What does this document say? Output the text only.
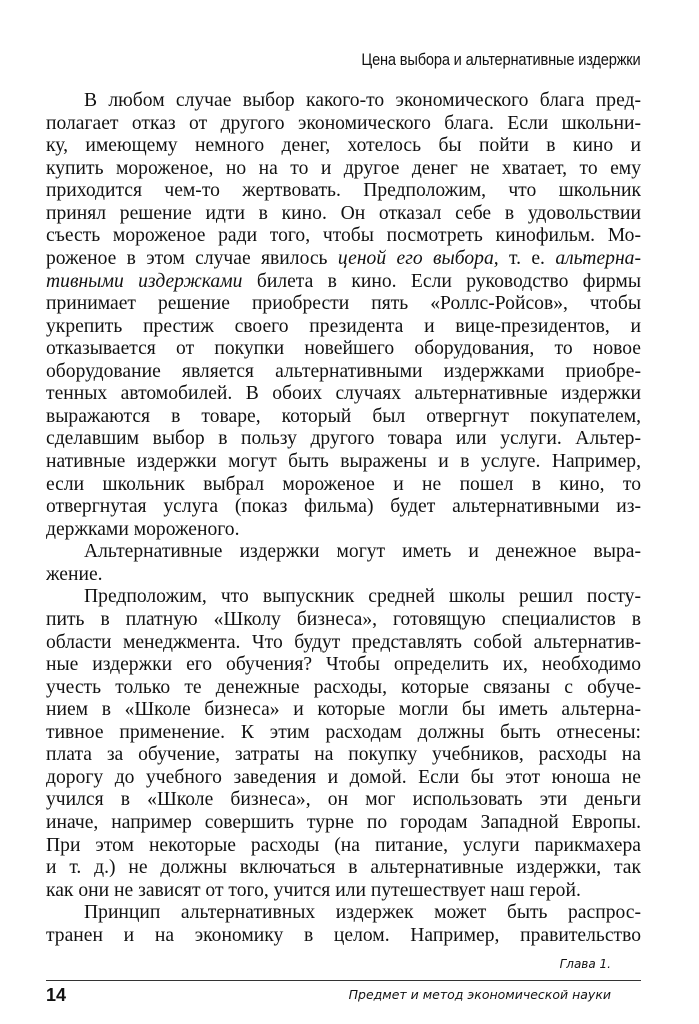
Цена выбора и альтернативные издержки
В любом случае выбор какого-то экономического блага пред-
полагает отказ от другого экономического блага. Если школьни-
ку, имеющему немного денег, хотелось бы пойти в кино и
купить мороженое, но на то и другое денег не хватает, то ему
приходится чем-то жертвовать. Предположим, что школьник
принял решение идти в кино. Он отказал себе в удовольствии
съесть мороженое ради того, чтобы посмотреть кинофильм. Мо-
роженое в этом случае явилось ценой его выбора, т. е. альтерна-
тивными издержками билета в кино. Если руководство фирмы
принимает решение приобрести пять «Роллс-Ройсов», чтобы
укрепить престиж своего президента и вице-президентов, и
отказывается от покупки новейшего оборудования, то новое
оборудование является альтернативными издержками приобре-
тенных автомобилей. В обоих случаях альтернативные издержки
выражаются в товаре, который был отвергнут покупателем,
сделавшим выбор в пользу другого товара или услуги. Альтер-
нативные издержки могут быть выражены и в услуге. Например,
если школьник выбрал мороженое и не пошел в кино, то
отвергнутая услуга (показ фильма) будет альтернативными из-
держками мороженого.
Альтернативные издержки могут иметь и денежное выра-
жение.
Предположим, что выпускник средней школы решил посту-
пить в платную «Школу бизнеса», готовящую специалистов в
области менеджмента. Что будут представлять собой альтернатив-
ные издержки его обучения? Чтобы определить их, необходимо
учесть только те денежные расходы, которые связаны с обуче-
нием в «Школе бизнеса» и которые могли бы иметь альтерна-
тивное применение. К этим расходам должны быть отнесены:
плата за обучение, затраты на покупку учебников, расходы на
дорогу до учебного заведения и домой. Если бы этот юноша не
учился в «Школе бизнеса», он мог использовать эти деньги
иначе, например совершить турне по городам Западной Европы.
При этом некоторые расходы (на питание, услуги парикмахера
и т. д.) не должны включаться в альтернативные издержки, так
как они не зависят от того, учится или путешествует наш герой.
Принцип альтернативных издержек может быть распрос-
транен и на экономику в целом. Например, правительство
Глава 1.
14	Предмет и метод экономической науки
